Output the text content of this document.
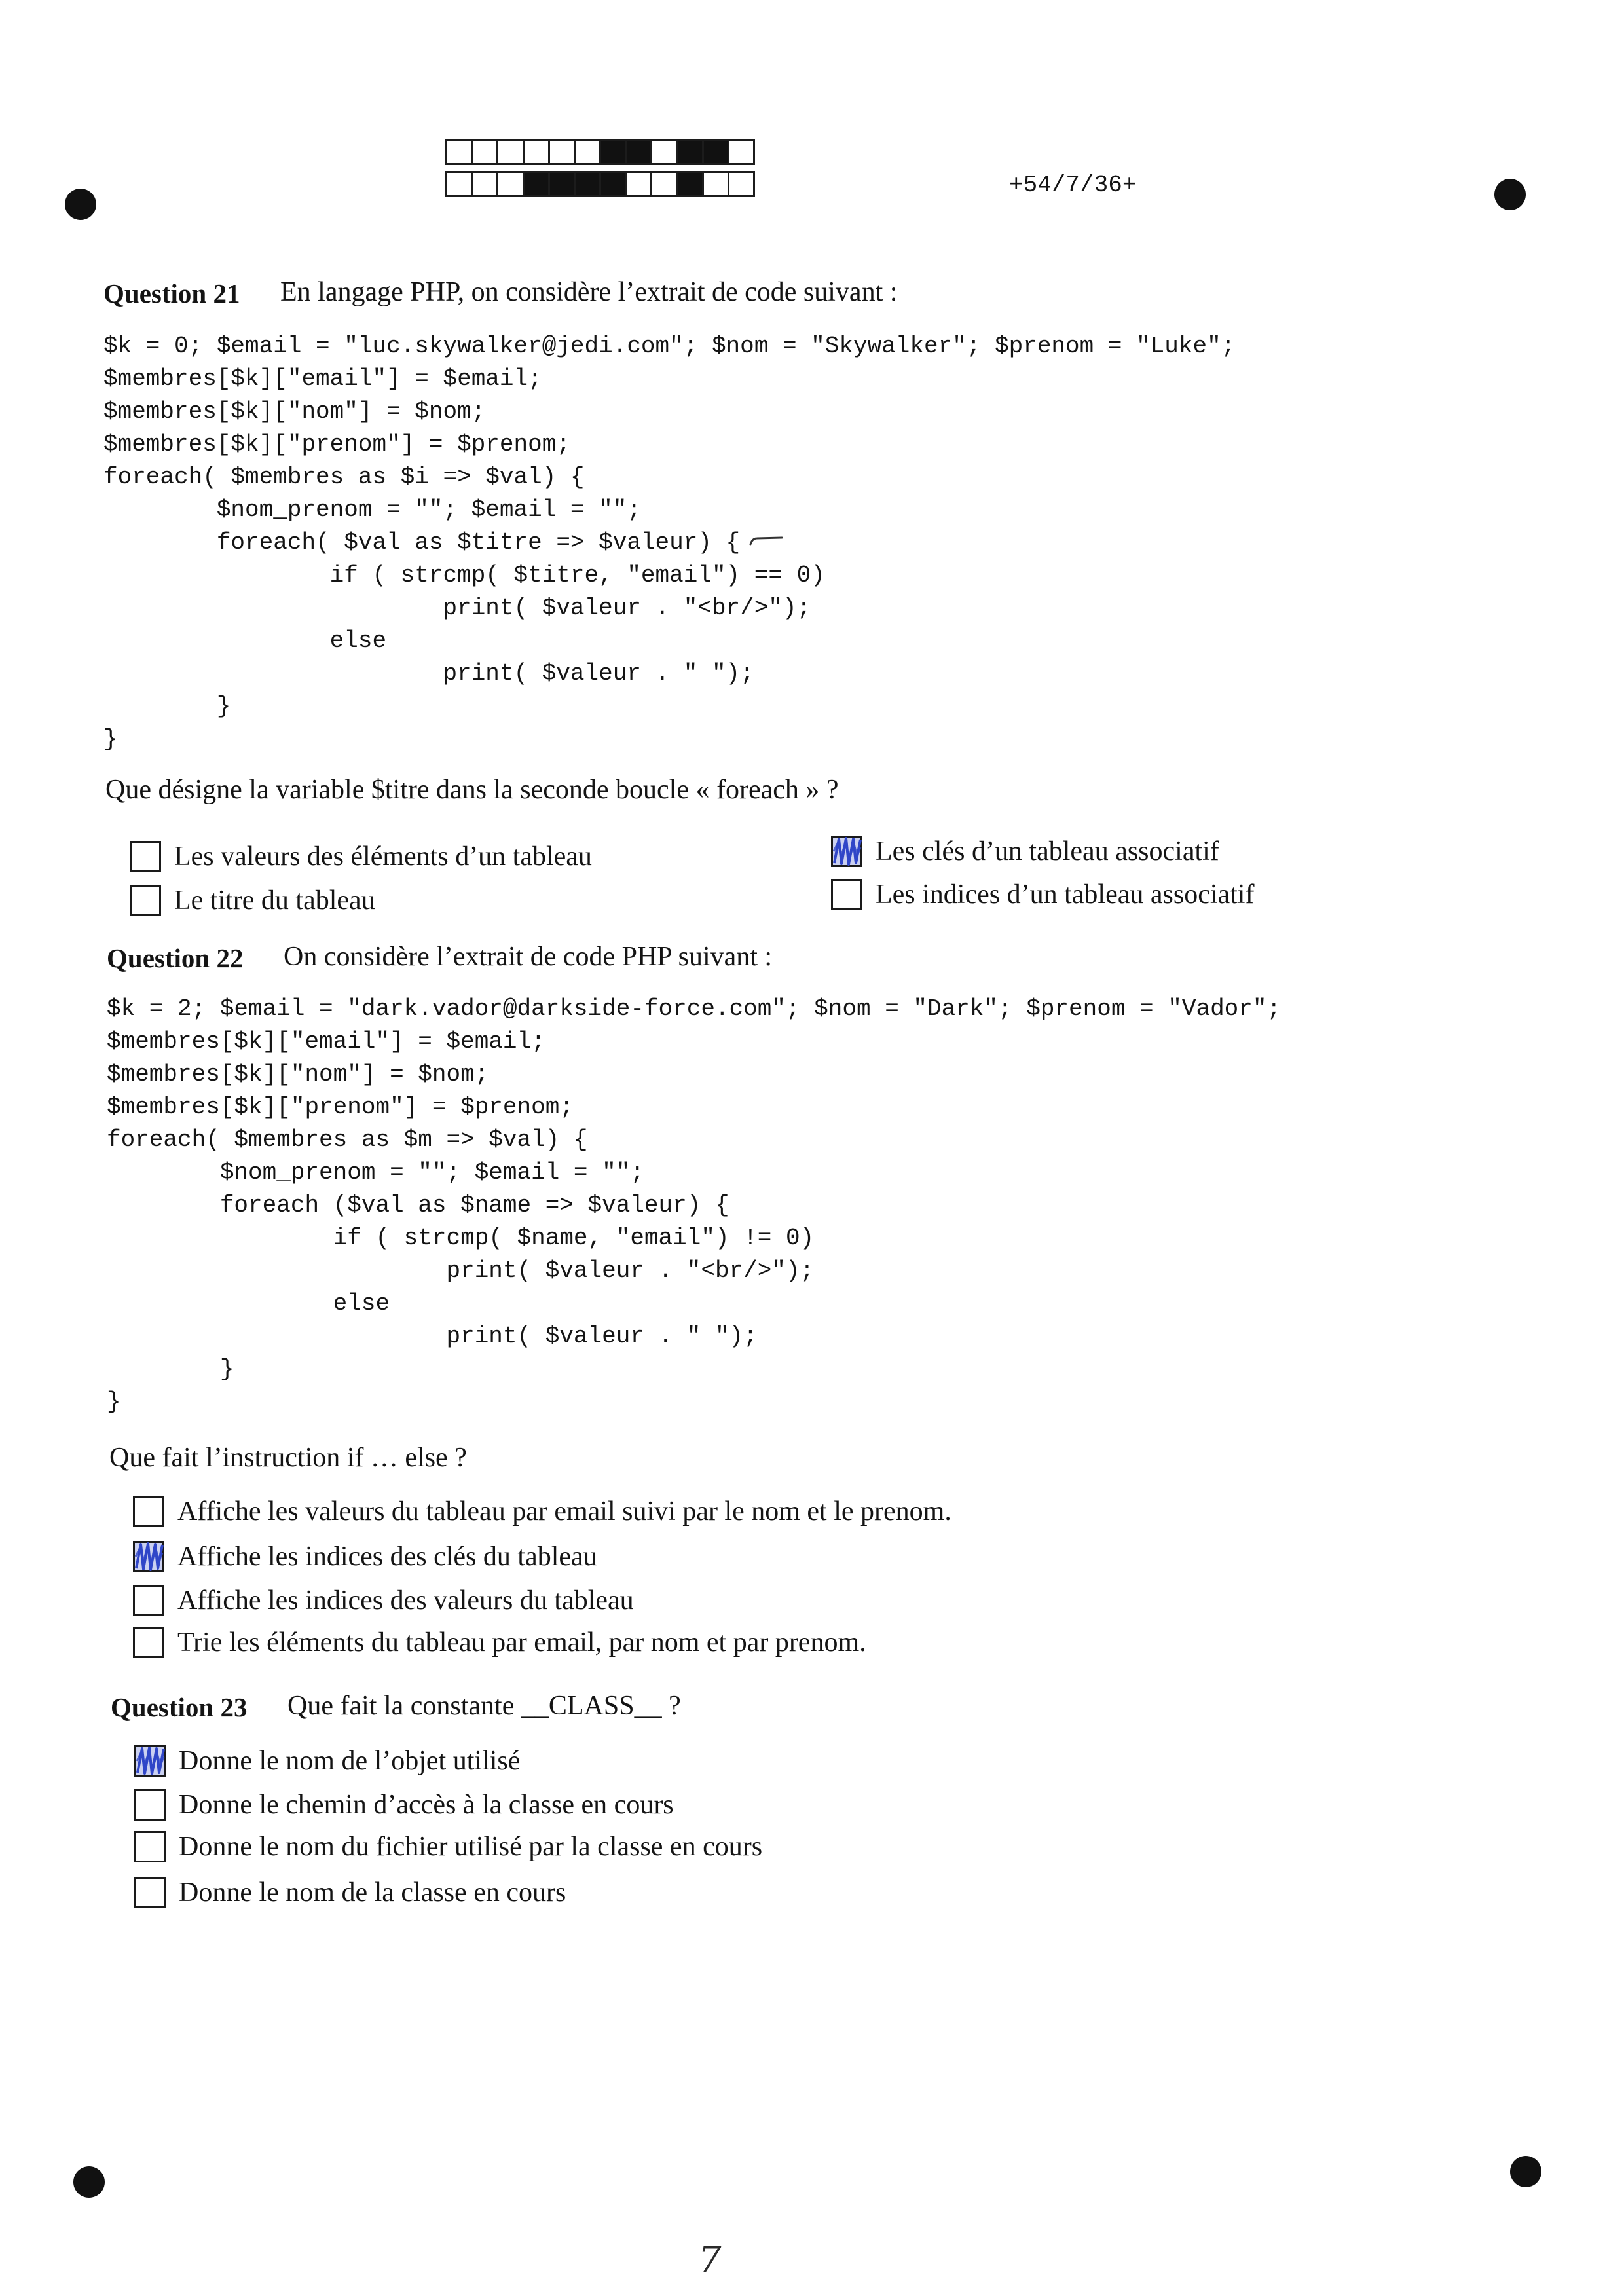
+54/7/36+
Question 21 En langage PHP, on considère l’extrait de code suivant :
$k = 0; $email = "luc.skywalker@jedi.com"; $nom = "Skywalker"; $prenom = "Luke";
$membres[$k]["email"] = $email;
$membres[$k]["nom"] = $nom;
$membres[$k]["prenom"] = $prenom;
foreach( $membres as $i => $val) {
$nom_prenom = ""; $email = "";
foreach( $val as $titre => $valeur) {
if ( strcmp( $titre, "email") == 0)
print( $valeur . "<br/>");
else
print( $valeur . " ");
}
}
Que désigne la variable $titre dans la seconde boucle « foreach » ?
Les valeurs des éléments d’un tableau
Le titre du tableau
Les clés d’un tableau associatif
Les indices d’un tableau associatif
Question 22 On considère l’extrait de code PHP suivant :
$k = 2; $email = "dark.vador@darkside-force.com"; $nom = "Dark"; $prenom = "Vador";
$membres[$k]["email"] = $email;
$membres[$k]["nom"] = $nom;
$membres[$k]["prenom"] = $prenom;
foreach( $membres as $m => $val) {
$nom_prenom = ""; $email = "";
foreach ($val as $name => $valeur) {
if ( strcmp( $name, "email") != 0)
print( $valeur . "<br/>");
else
print( $valeur . " ");
}
}
Que fait l’instruction if … else ?
Affiche les valeurs du tableau par email suivi par le nom et le prenom.
Affiche les indices des clés du tableau
Affiche les indices des valeurs du tableau
Trie les éléments du tableau par email, par nom et par prenom.
Question 23 Que fait la constante __CLASS__ ?
Donne le nom de l’objet utilisé
Donne le chemin d’accès à la classe en cours
Donne le nom du fichier utilisé par la classe en cours
Donne le nom de la classe en cours
7
